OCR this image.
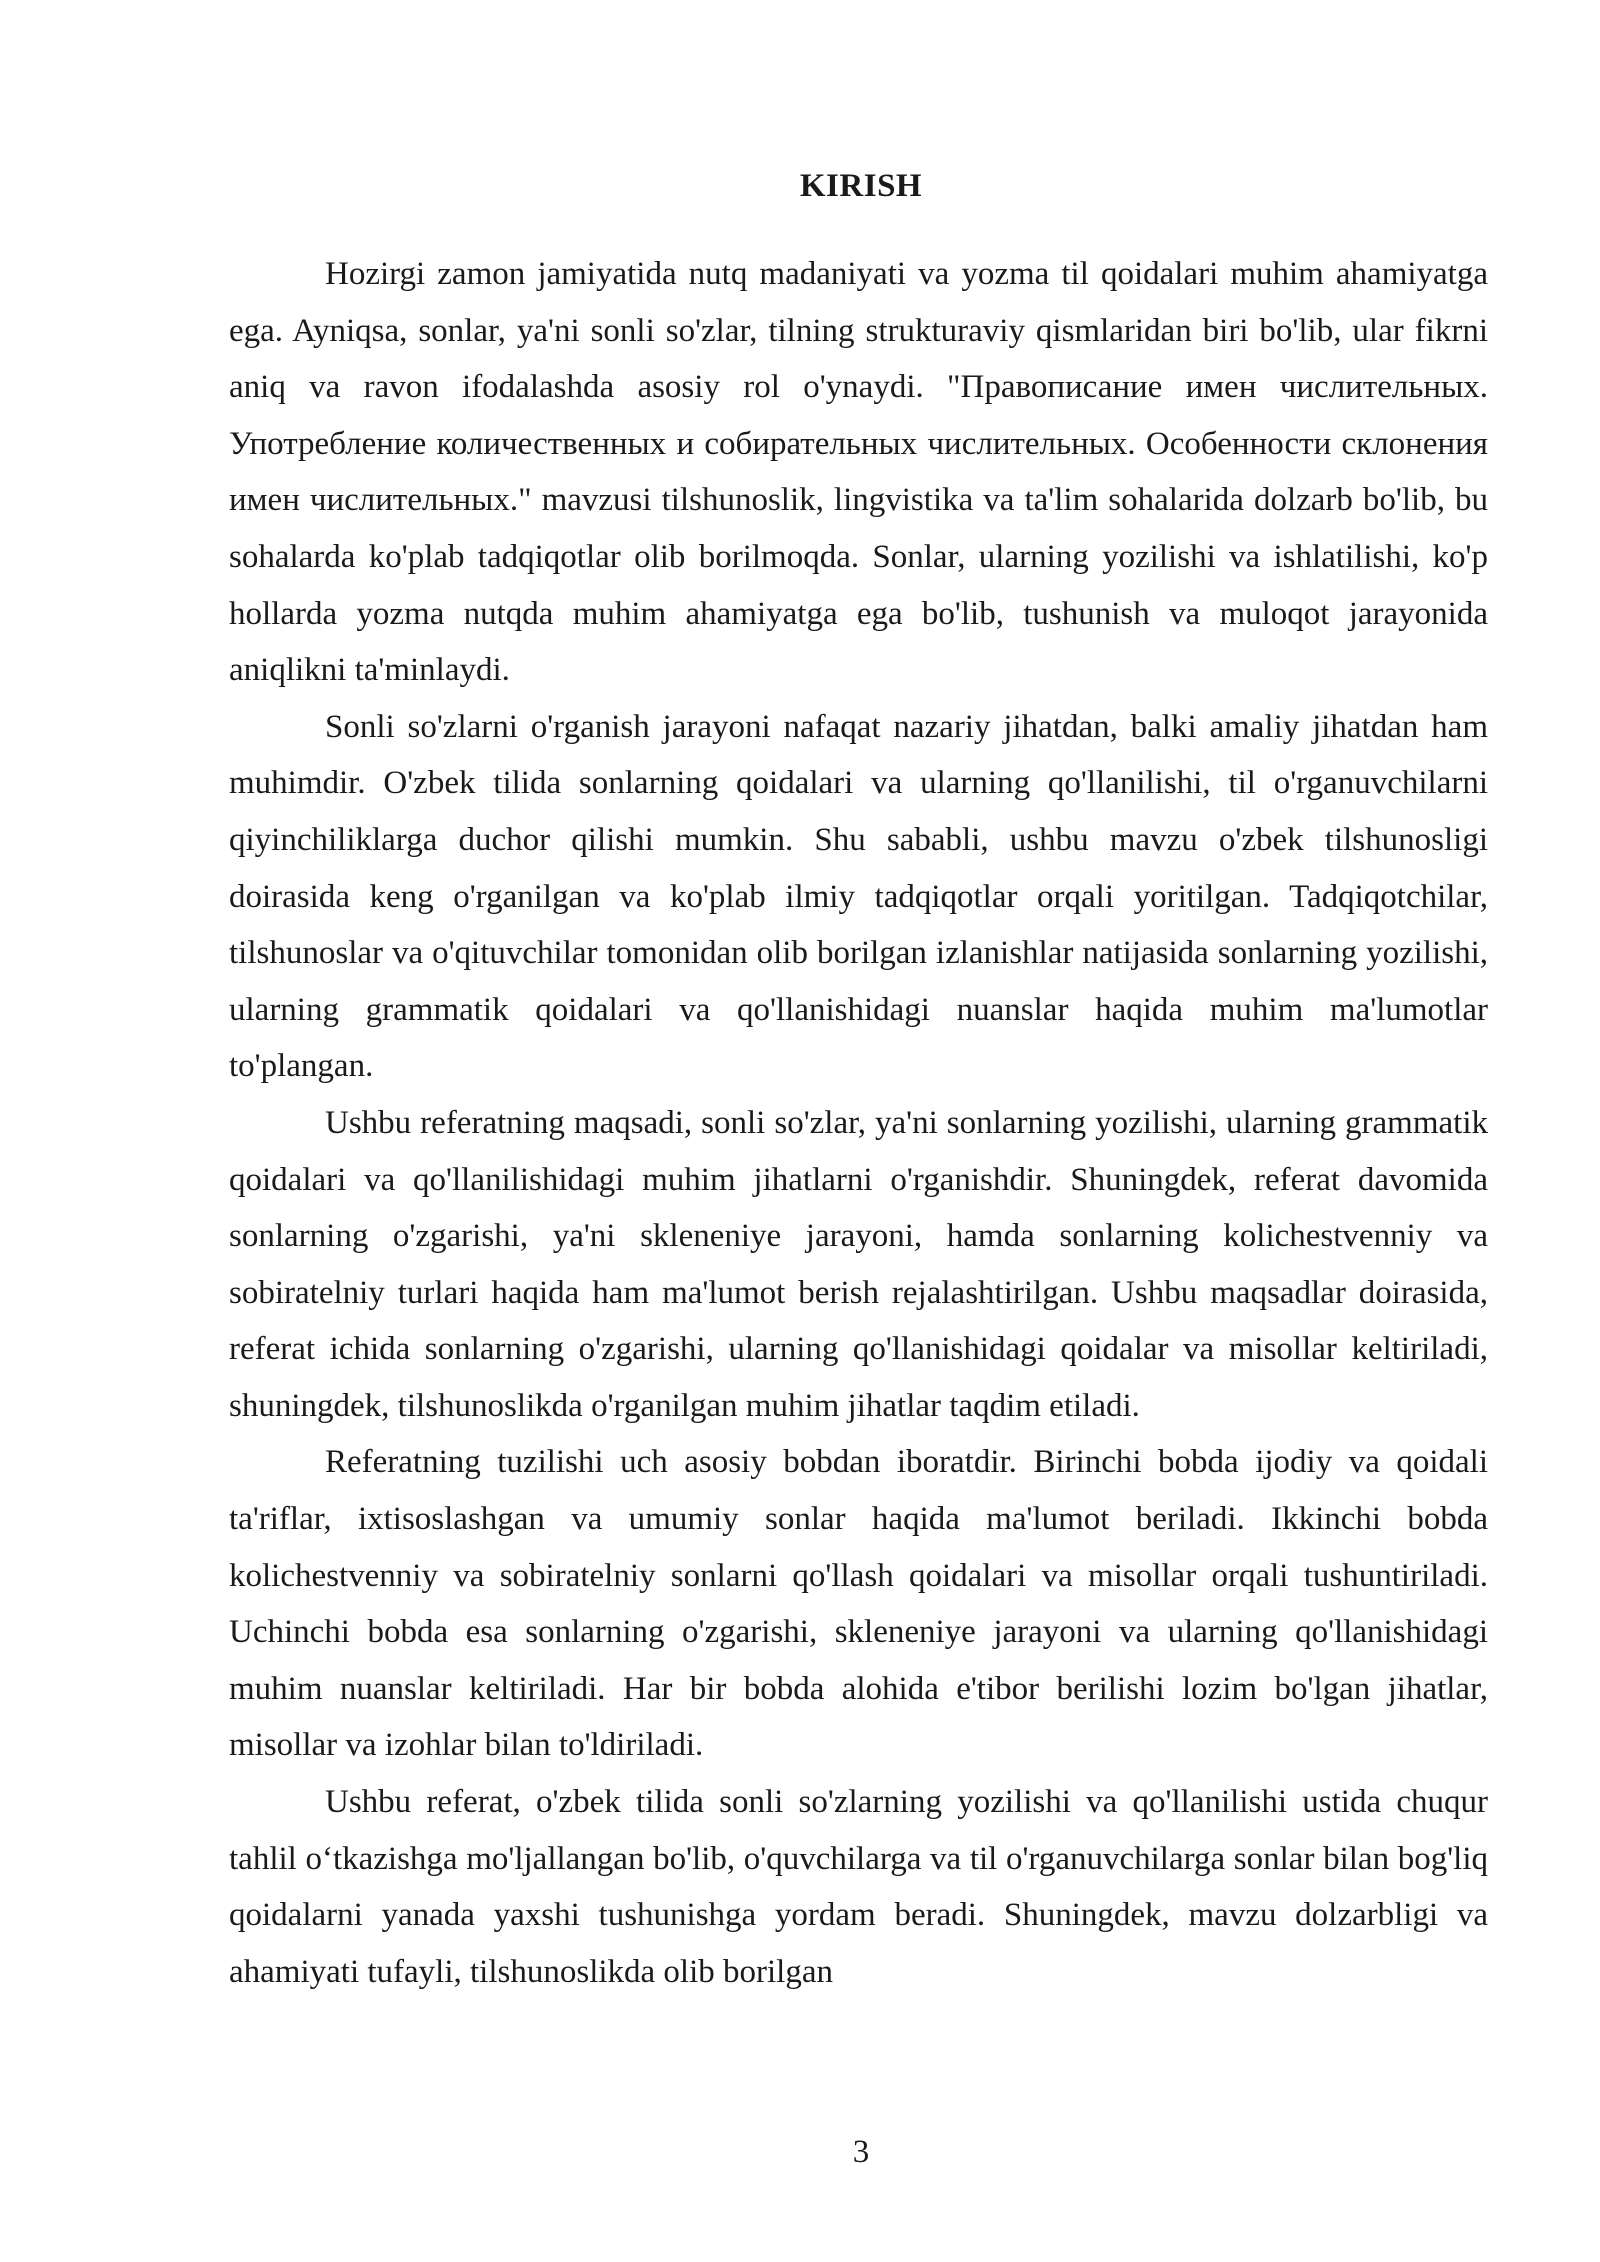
KIRISH

Hozirgi zamon jamiyatida nutq madaniyati va yozma til qoidalari muhim ahamiyatga ega. Ayniqsa, sonlar, ya'ni sonli so'zlar, tilning strukturaviy qismlaridan biri bo'lib, ular fikrni aniq va ravon ifodalashda asosiy rol o'ynaydi. "Правописание имен числительных. Употребление количественных и собирательных числительных. Особенности склонения имен числительных." mavzusi tilshunoslik, lingvistika va ta'lim sohalarida dolzarb bo'lib, bu sohalarda ko'plab tadqiqotlar olib borilmoqda. Sonlar, ularning yozilishi va ishlatilishi, ko'p hollarda yozma nutqda muhim ahamiyatga ega bo'lib, tushunish va muloqot jarayonida aniqlikni ta'minlaydi.

Sonli so'zlarni o'rganish jarayoni nafaqat nazariy jihatdan, balki amaliy jihatdan ham muhimdir. O'zbek tilida sonlarning qoidalari va ularning qo'llanilishi, til o'rganuvchilarni qiyinchiliklarga duchor qilishi mumkin. Shu sababli, ushbu mavzu o'zbek tilshunosligi doirasida keng o'rganilgan va ko'plab ilmiy tadqiqotlar orqali yoritilgan. Tadqiqotchilar, tilshunoslar va o'qituvchilar tomonidan olib borilgan izlanishlar natijasida sonlarning yozilishi, ularning grammatik qoidalari va qo'llanishidagi nuanslar haqida muhim ma'lumotlar to'plangan.

Ushbu referatning maqsadi, sonli so'zlar, ya'ni sonlarning yozilishi, ularning grammatik qoidalari va qo'llanilishidagi muhim jihatlarni o'rganishdir. Shuningdek, referat davomida sonlarning o'zgarishi, ya'ni skleneniye jarayoni, hamda sonlarning kolichestvenniy va sobiratelniy turlari haqida ham ma'lumot berish rejalashtirilgan. Ushbu maqsadlar doirasida, referat ichida sonlarning o'zgarishi, ularning qo'llanishidagi qoidalar va misollar keltiriladi, shuningdek, tilshunoslikda o'rganilgan muhim jihatlar taqdim etiladi.

Referatning tuzilishi uch asosiy bobdan iboratdir. Birinchi bobda ijodiy va qoidali ta'riflar, ixtisoslashgan va umumiy sonlar haqida ma'lumot beriladi. Ikkinchi bobda kolichestvenniy va sobiratelniy sonlarni qo'llash qoidalari va misollar orqali tushuntiriladi. Uchinchi bobda esa sonlarning o'zgarishi, skleneniye jarayoni va ularning qo'llanishidagi muhim nuanslar keltiriladi. Har bir bobda alohida e'tibor berilishi lozim bo'lgan jihatlar, misollar va izohlar bilan to'ldiriladi.

Ushbu referat, o'zbek tilida sonli so'zlarning yozilishi va qo'llanilishi ustida chuqur tahlil o‘tkazishga mo'ljallangan bo'lib, o'quvchilarga va til o'rganuvchilarga sonlar bilan bog'liq qoidalarni yanada yaxshi tushunishga yordam beradi. Shuningdek, mavzu dolzarbligi va ahamiyati tufayli, tilshunoslikda olib borilgan

3
